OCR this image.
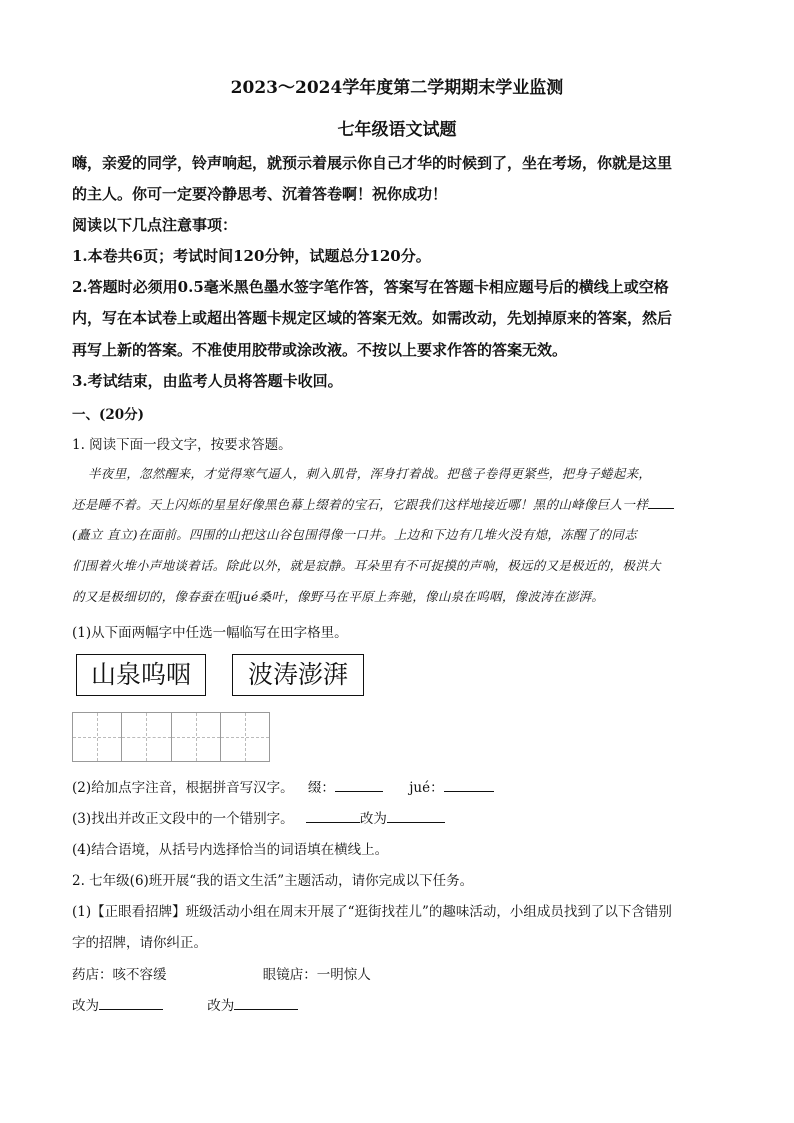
2023～2024学年度第二学期期末学业监测
七年级语文试题
嗨，亲爱的同学，铃声响起，就预示着展示你自己才华的时候到了，坐在考场，你就是这里
的主人。你可一定要冷静思考、沉着答卷啊！祝你成功！
阅读以下几点注意事项：
1.本卷共6页；考试时间120分钟，试题总分120分。
2.答题时必须用0.5毫米黑色墨水签字笔作答，答案写在答题卡相应题号后的横线上或空格
内，写在本试卷上或超出答题卡规定区域的答案无效。如需改动，先划掉原来的答案，然后
再写上新的答案。不准使用胶带或涂改液。不按以上要求作答的答案无效。
3.考试结束，由监考人员将答题卡收回。
一、(20分)
1. 阅读下面一段文字，按要求答题。
半夜里，忽然醒来，才觉得寒气逼人，刺入肌骨，浑身打着战。把毯子卷得更紧些，把身子蜷起来，
还是睡不着。天上闪烁的星星好像黑色幕上缀着的宝石，它跟我们这样地接近哪！黑的山峰像巨人一样
(矗立 直立)在面前。四围的山把这山谷包围得像一口井。上边和下边有几堆火没有熄，冻醒了的同志
们围着火堆小声地谈着话。除此以外，就是寂静。耳朵里有不可捉摸的声响，极远的又是极近的，极洪大
的又是极细切的，像春蚕在咀jué桑叶，像野马在平原上奔驰，像山泉在呜咽，像波涛在澎湃。
(1)从下面两幅字中任选一幅临写在田字格里。
山泉呜咽	波涛澎湃
(2)给加点字注音，根据拼音写汉字。 缀：	jué：
(3)找出并改正文段中的一个错别字。	改为
(4)结合语境，从括号内选择恰当的词语填在横线上。
2. 七年级(6)班开展“我的语文生活”主题活动，请你完成以下任务。
(1)【正眼看招牌】班级活动小组在周末开展了“逛街找茬儿”的趣味活动，小组成员找到了以下含错别
字的招牌，请你纠正。
药店：咳不容缓	眼镜店：一明惊人
改为	改为
